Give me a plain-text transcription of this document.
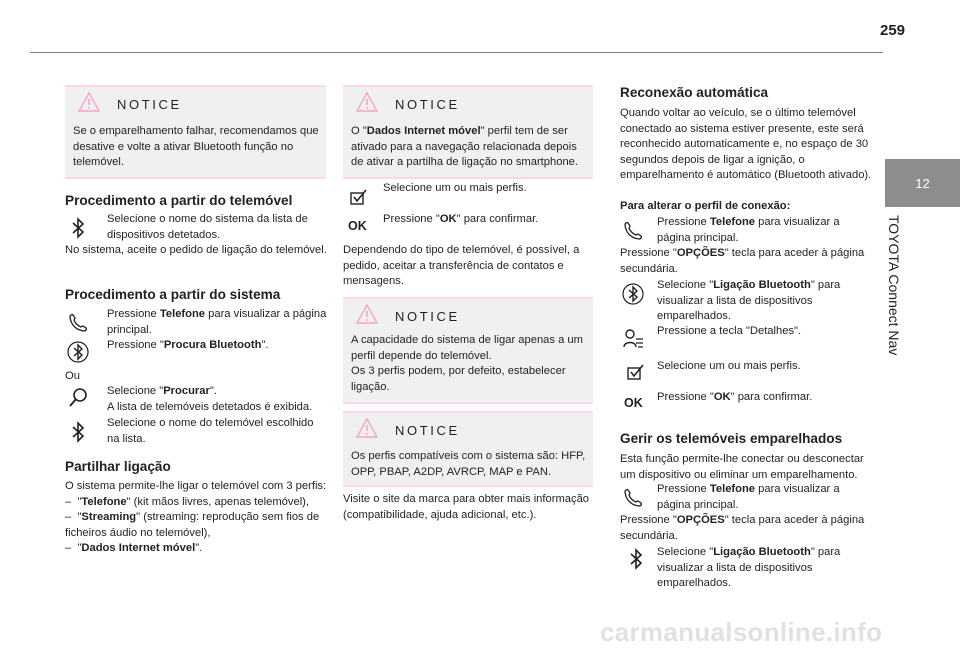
259
12
TOYOTA Connect Nav
NOTICE

Se o emparelhamento falhar, recomendamos que desative e volte a ativar Bluetooth função no telemóvel.

Procedimento a partir do telemóvel

Selecione o nome do sistema da lista de dispositivos detetados.

No sistema, aceite o pedido de ligação do telemóvel.

Procedimento a partir do sistema

Pressione Telefone para visualizar a página principal.

Pressione "Procura Bluetooth".

Ou

Selecione "Procurar".
A lista de telemóveis detetados é exibida.

Selecione o nome do telemóvel escolhido na lista.

Partilhar ligação

O sistema permite-lhe ligar o telemóvel com 3 perfis:

–  "Telefone" (kit mãos livres, apenas telemóvel),

–  "Streaming" (streaming: reprodução sem fios de ficheiros áudio no telemóvel),

–  "Dados Internet móvel".

NOTICE

O "Dados Internet móvel" perfil tem de ser ativado para a navegação relacionada depois de ativar a partilha de ligação no smartphone.

Selecione um ou mais perfis.

OK Pressione "OK" para confirmar.

Dependendo do tipo de telemóvel, é possível, a pedido, aceitar a transferência de contatos e mensagens.

NOTICE

A capacidade do sistema de ligar apenas a um perfil depende do telemóvel.

Os 3 perfis podem, por defeito, estabelecer ligação.

NOTICE

Os perfis compatíveis com o sistema são: HFP, OPP, PBAP, A2DP, AVRCP, MAP e PAN.

Visite o site da marca para obter mais informação (compatibilidade, ajuda adicional, etc.).

Reconexão automática

Quando voltar ao veículo, se o último telemóvel conectado ao sistema estiver presente, este será reconhecido automaticamente e, no espaço de 30 segundos depois de ligar a ignição, o emparelhamento é automático (Bluetooth ativado).

Para alterar o perfil de conexão:

Pressione Telefone para visualizar a página principal.

Pressione "OPÇÕES" tecla para aceder à página secundária.

Selecione "Ligação Bluetooth" para visualizar a lista de dispositivos emparelhados.

Pressione a tecla "Detalhes".

Selecione um ou mais perfis.

OK Pressione "OK" para confirmar.

Gerir os telemóveis emparelhados

Esta função permite-lhe conectar ou desconectar um dispositivo ou eliminar um emparelhamento.

Pressione Telefone para visualizar a página principal.

Pressione "OPÇÕES" tecla para aceder à página secundária.

Selecione "Ligação Bluetooth" para visualizar a lista de dispositivos emparelhados.

carmanualsonline.info
